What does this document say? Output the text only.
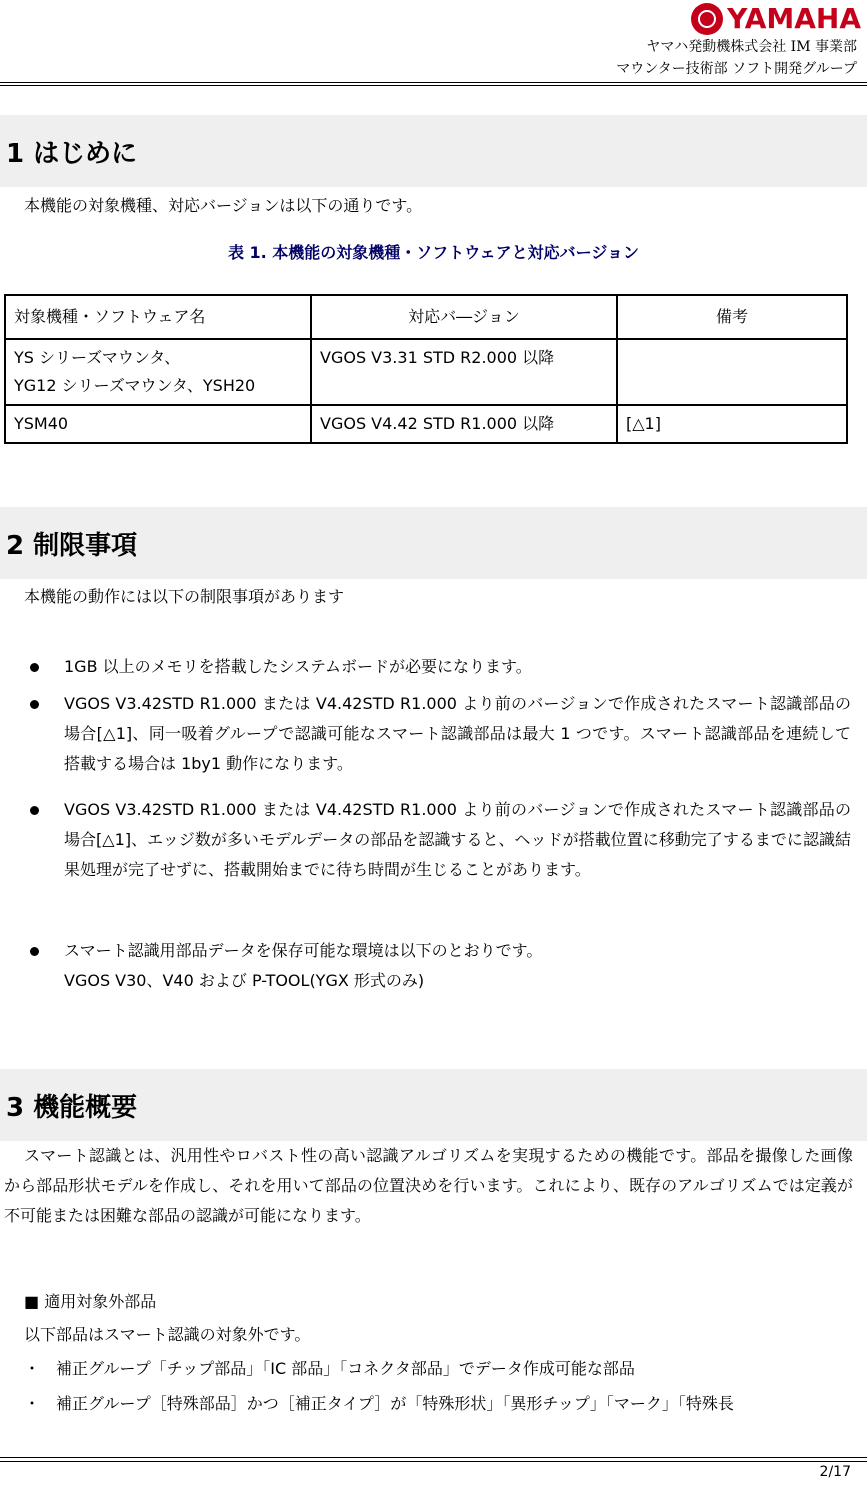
YAMAHA
ヤマハ発動機株式会社 IM 事業部
マウンター技術部 ソフト開発グループ
1 はじめに
本機能の対象機種、対応バージョンは以下の通りです。
表 1. 本機能の対象機種・ソフトウェアと対応バージョン
対象機種・ソフトウェア名	対応バ―ジョン	備考

YS シリーズマウンタ、
YG12 シリーズマウンタ、YSH20	VGOS V3.31 STD R2.000 以降	
YSM40	VGOS V4.42 STD R1.000 以降	[△1]
2 制限事項
本機能の動作には以下の制限事項があります
1GB 以上のメモリを搭載したシステムボードが必要になります。
VGOS V3.42STD R1.000 または V4.42STD R1.000 より前のバージョンで作成されたスマート認識部品の場合[△1]、同一吸着グループで認識可能なスマート認識部品は最大 1 つです。スマート認識部品を連続して搭載する場合は 1by1 動作になります。
VGOS V3.42STD R1.000 または V4.42STD R1.000 より前のバージョンで作成されたスマート認識部品の場合[△1]、エッジ数が多いモデルデータの部品を認識すると、ヘッドが搭載位置に移動完了するまでに認識結果処理が完了せずに、搭載開始までに待ち時間が生じることがあります。
スマート認識用部品データを保存可能な環境は以下のとおりです。
VGOS V30、V40 および P-TOOL(YGX 形式のみ)
3 機能概要
スマート認識とは、汎用性やロバスト性の高い認識アルゴリズムを実現するための機能です。部品を撮像した画像から部品形状モデルを作成し、それを用いて部品の位置決めを行います。これにより、既存のアルゴリズムでは定義が不可能または困難な部品の認識が可能になります。
■ 適用対象外部品
以下部品はスマート認識の対象外です。
・　補正グループ「チップ部品」「IC 部品」「コネクタ部品」でデータ作成可能な部品
・　補正グループ［特殊部品］かつ［補正タイプ］が「特殊形状」「異形チップ」「マーク」「特殊長
2/17
